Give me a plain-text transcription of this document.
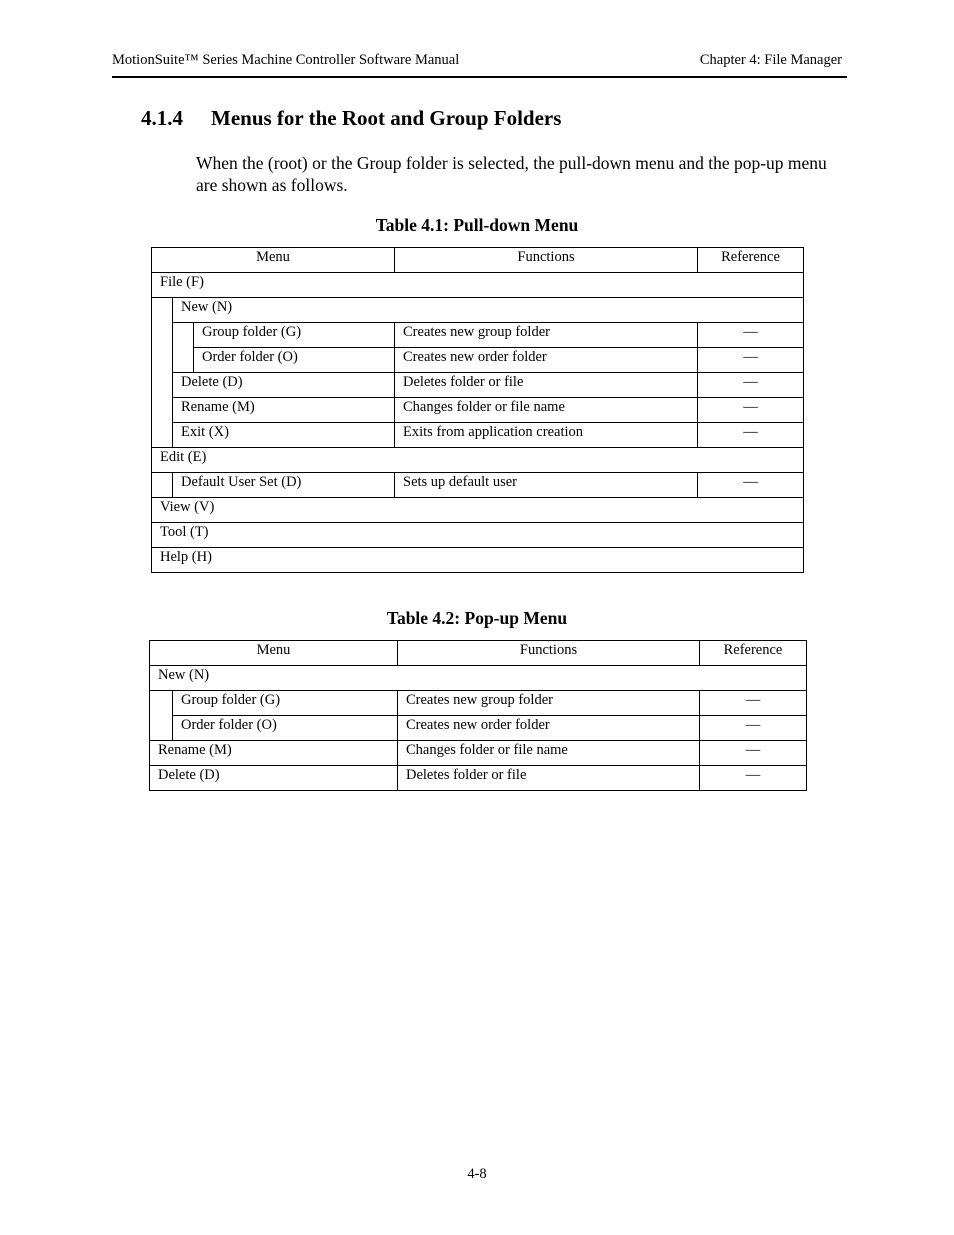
MotionSuite™ Series Machine Controller Software Manual	Chapter 4: File Manager
4.1.4 Menus for the Root and Group Folders
When the (root) or the Group folder is selected, the pull-down menu and the pop-up menu are shown as follows.
Table 4.1: Pull-down Menu
Menu			Functions	Reference
File (F)				
	New (N)			
		Group folder (G)	Creates new group folder	—
		Order folder (O)	Creates new order folder	—
	Delete (D)		Deletes folder or file	—
	Rename (M)		Changes folder or file name	—
	Exit (X)		Exits from application creation	—
Edit (E)				
	Default User Set (D)		Sets up default user	—
View (V)				
Tool (T)				
Help (H)				
Table 4.2: Pop-up Menu
Menu		Functions	Reference
New (N)			
	Group folder (G)	Creates new group folder	—
	Order folder (O)	Creates new order folder	—
Rename (M)		Changes folder or file name	—
Delete (D)		Deletes folder or file	—
4-8
